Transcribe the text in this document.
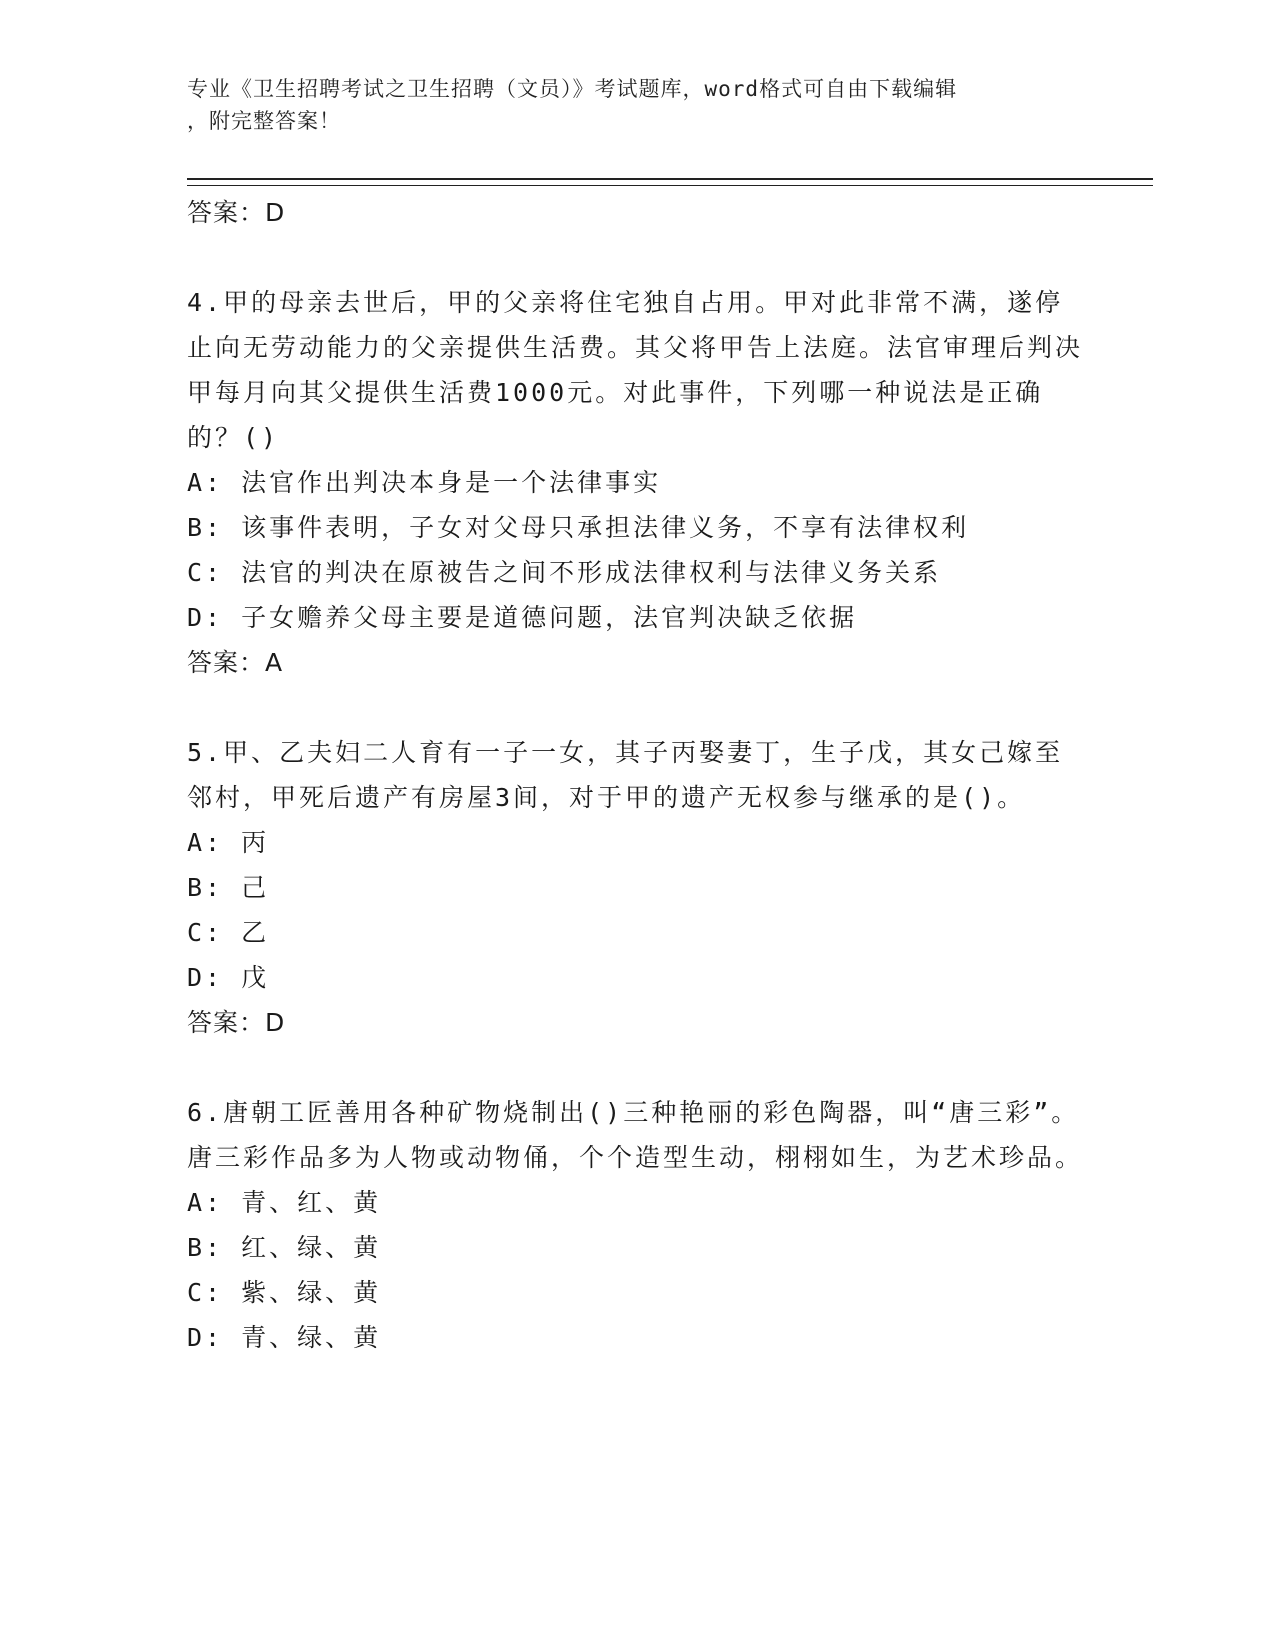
专业《卫生招聘考试之卫生招聘（文员）》考试题库，word格式可自由下载编辑
，附完整答案！
答案：D

4.甲的母亲去世后，甲的父亲将住宅独自占用。甲对此非常不满，遂停止向无劳动能力的父亲提供生活费。其父将甲告上法庭。法官审理后判决甲每月向其父提供生活费1000元。对此事件，下列哪一种说法是正确的？()

A: 法官作出判决本身是一个法律事实
B: 该事件表明，子女对父母只承担法律义务，不享有法律权利
C: 法官的判决在原被告之间不形成法律权利与法律义务关系
D: 子女赡养父母主要是道德问题，法官判决缺乏依据
答案：A

5.甲、乙夫妇二人育有一子一女，其子丙娶妻丁，生子戊，其女己嫁至邻村，甲死后遗产有房屋3间，对于甲的遗产无权参与继承的是()。

A: 丙
B: 己
C: 乙
D: 戊
答案：D

6.唐朝工匠善用各种矿物烧制出()三种艳丽的彩色陶器，叫“唐三彩”。唐三彩作品多为人物或动物俑，个个造型生动，栩栩如生，为艺术珍品。

A: 青、红、黄
B: 红、绿、黄
C: 紫、绿、黄
D: 青、绿、黄
